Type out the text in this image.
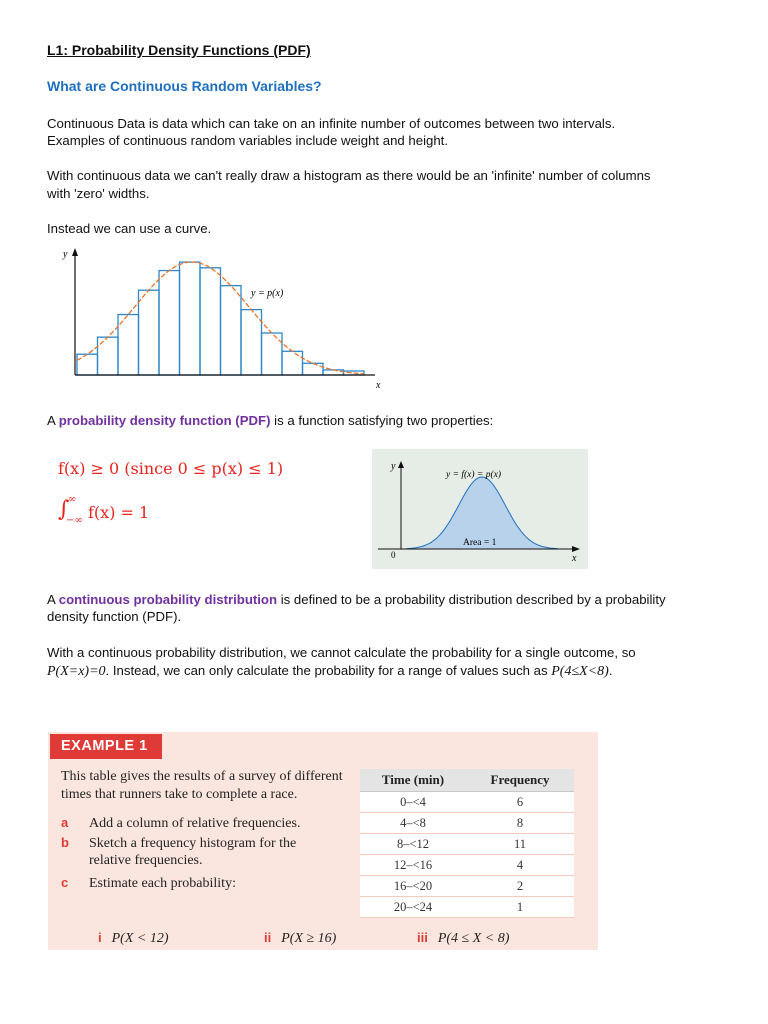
L1: Probability Density Functions (PDF)
What are Continuous Random Variables?
Continuous Data is data which can take on an infinite number of outcomes between two intervals.
Examples of continuous random variables include weight and height.
With continuous data we can't really draw a histogram as there would be an 'infinite' number of columns
with 'zero' widths.
Instead we can use a curve.
y
x
y = p(x)
A probability density function (PDF) is a function satisfying two properties:
f(x) ≥ 0 (since 0 ≤ p(x) ≤ 1)
∫
∞
−∞ f(x) = 1
y
x
0
y = f(x) = p(x)
Area = 1
A continuous probability distribution is defined to be a probability distribution described by a probability
density function (PDF).
With a continuous probability distribution, we cannot calculate the probability for a single outcome, so
P(X=x)=0. Instead, we can only calculate the probability for a range of values such as P(4≤X<8).
EXAMPLE 1
This table gives the results of a survey of different
times that runners take to complete a race.
a Add a column of relative frequencies.
b Sketch a frequency histogram for the
relative frequencies.
c Estimate each probability:
Time (min)	Frequency
0–<4	6
4–<8	8
8–<12	11
12–<16	4
16–<20	2
20–<24	1
i P(X < 12)	ii P(X ≥ 16)	iii P(4 ≤ X < 8)
